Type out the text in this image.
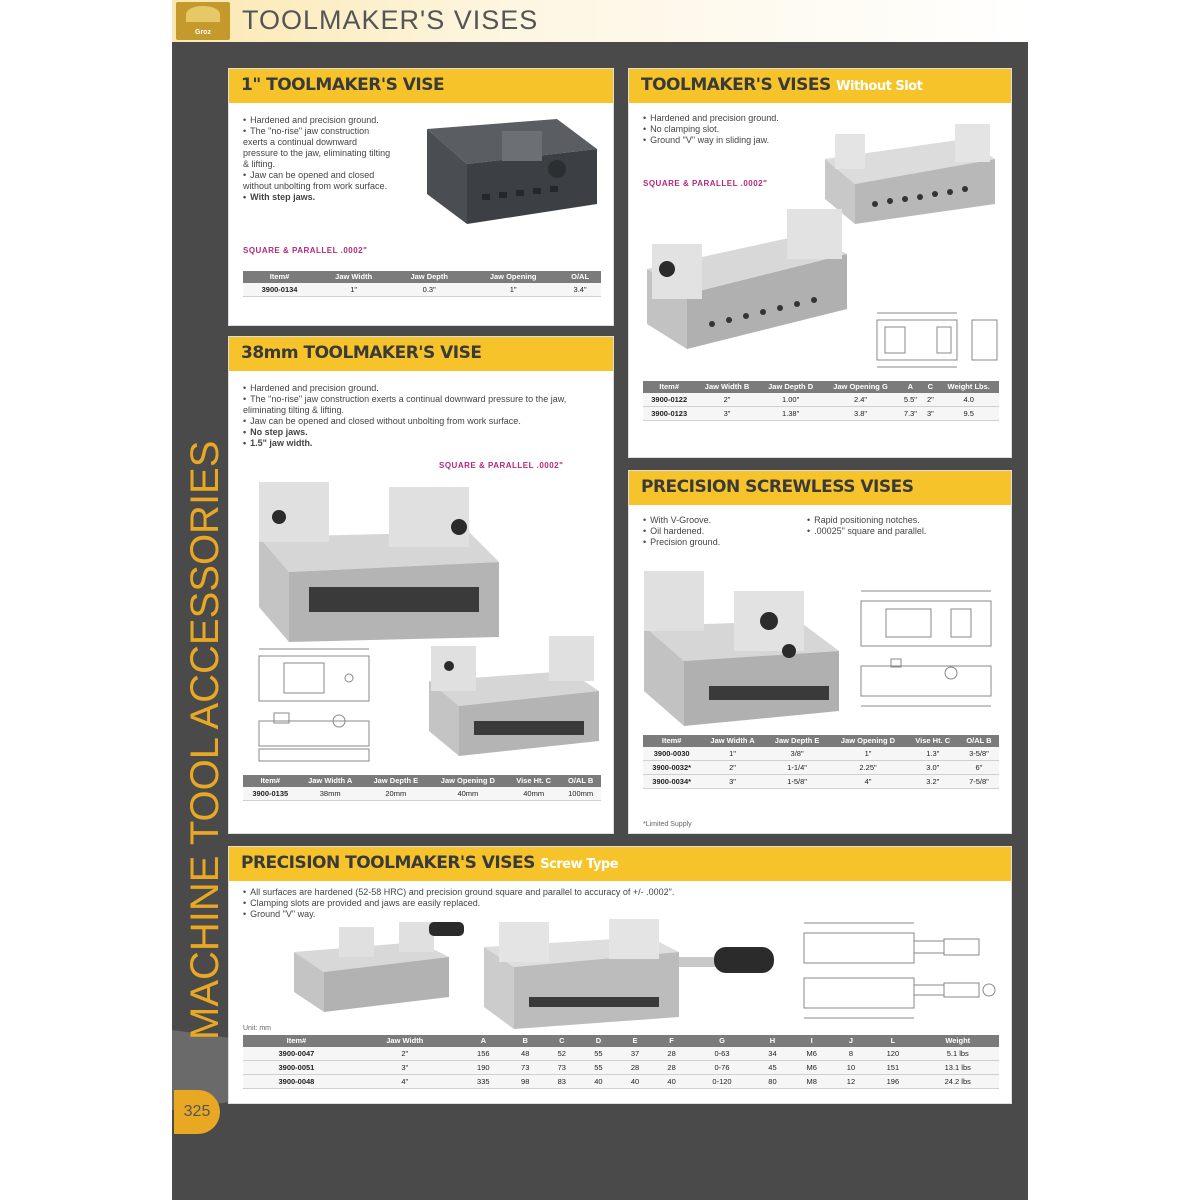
Groz TOOLMAKER'S VISES
MACHINE TOOL ACCESSORIES
325
1" TOOLMAKER'S VISE
• Hardened and precision ground.
• The "no-rise" jaw construction exerts a continual downward pressure to the jaw, eliminating tilting & lifting.
• Jaw can be opened and closed without unbolting from work surface.
• With step jaws.
SQUARE & PARALLEL .0002"
Item#	Jaw Width	Jaw Depth	Jaw Opening	O/AL
3900-0134	1"	0.3"	1"	3.4"
TOOLMAKER'S VISES Without Slot
• Hardened and precision ground.
• No clamping slot.
• Ground "V" way in sliding jaw.
SQUARE & PARALLEL .0002"
Item#	Jaw Width B	Jaw Depth D	Jaw Opening G	A	C	Weight Lbs.
3900-0122	2"	1.00"	2.4"	5.5"	2"	4.0
3900-0123	3"	1.38"	3.8"	7.3"	3"	9.5
38mm TOOLMAKER'S VISE
• Hardened and precision ground.
• The "no-rise" jaw construction exerts a continual downward pressure to the jaw, eliminating tilting & lifting.
• Jaw can be opened and closed without unbolting from work surface.
• No step jaws.
• 1.5" jaw width.
SQUARE & PARALLEL .0002"
Item#	Jaw Width A	Jaw Depth E	Jaw Opening D	Vise Ht. C	O/AL B
3900-0135	38mm	20mm	40mm	40mm	100mm
PRECISION SCREWLESS VISES
• With V-Groove.
• Oil hardened.
• Precision ground.
• Rapid positioning notches.
• .00025" square and parallel.
Item#	Jaw Width A	Jaw Depth E	Jaw Opening D	Vise Ht. C	O/AL B
3900-0030	1"	3/8"	1"	1.3"	3-5/8"
3900-0032*	2"	1-1/4"	2.25"	3.0"	6"
3900-0034*	3"	1-5/8"	4"	3.2"	7-5/8"
*Limited Supply
PRECISION TOOLMAKER'S VISES Screw Type
• All surfaces are hardened (52-58 HRC) and precision ground square and parallel to accuracy of +/- .0002".
• Clamping slots are provided and jaws are easily replaced.
• Ground "V" way.
Unit: mm
Item#	Jaw Width	A	B	C	D	E	F	G	H	I	J	L	Weight
3900-0047	2"	156	48	52	55	37	28	0-63	34	M6	8	120	5.1 lbs
3900-0051	3"	190	73	73	55	28	28	0-76	45	M6	10	151	13.1 lbs
3900-0048	4"	335	98	83	40	40	40	0-120	80	M8	12	196	24.2 lbs
